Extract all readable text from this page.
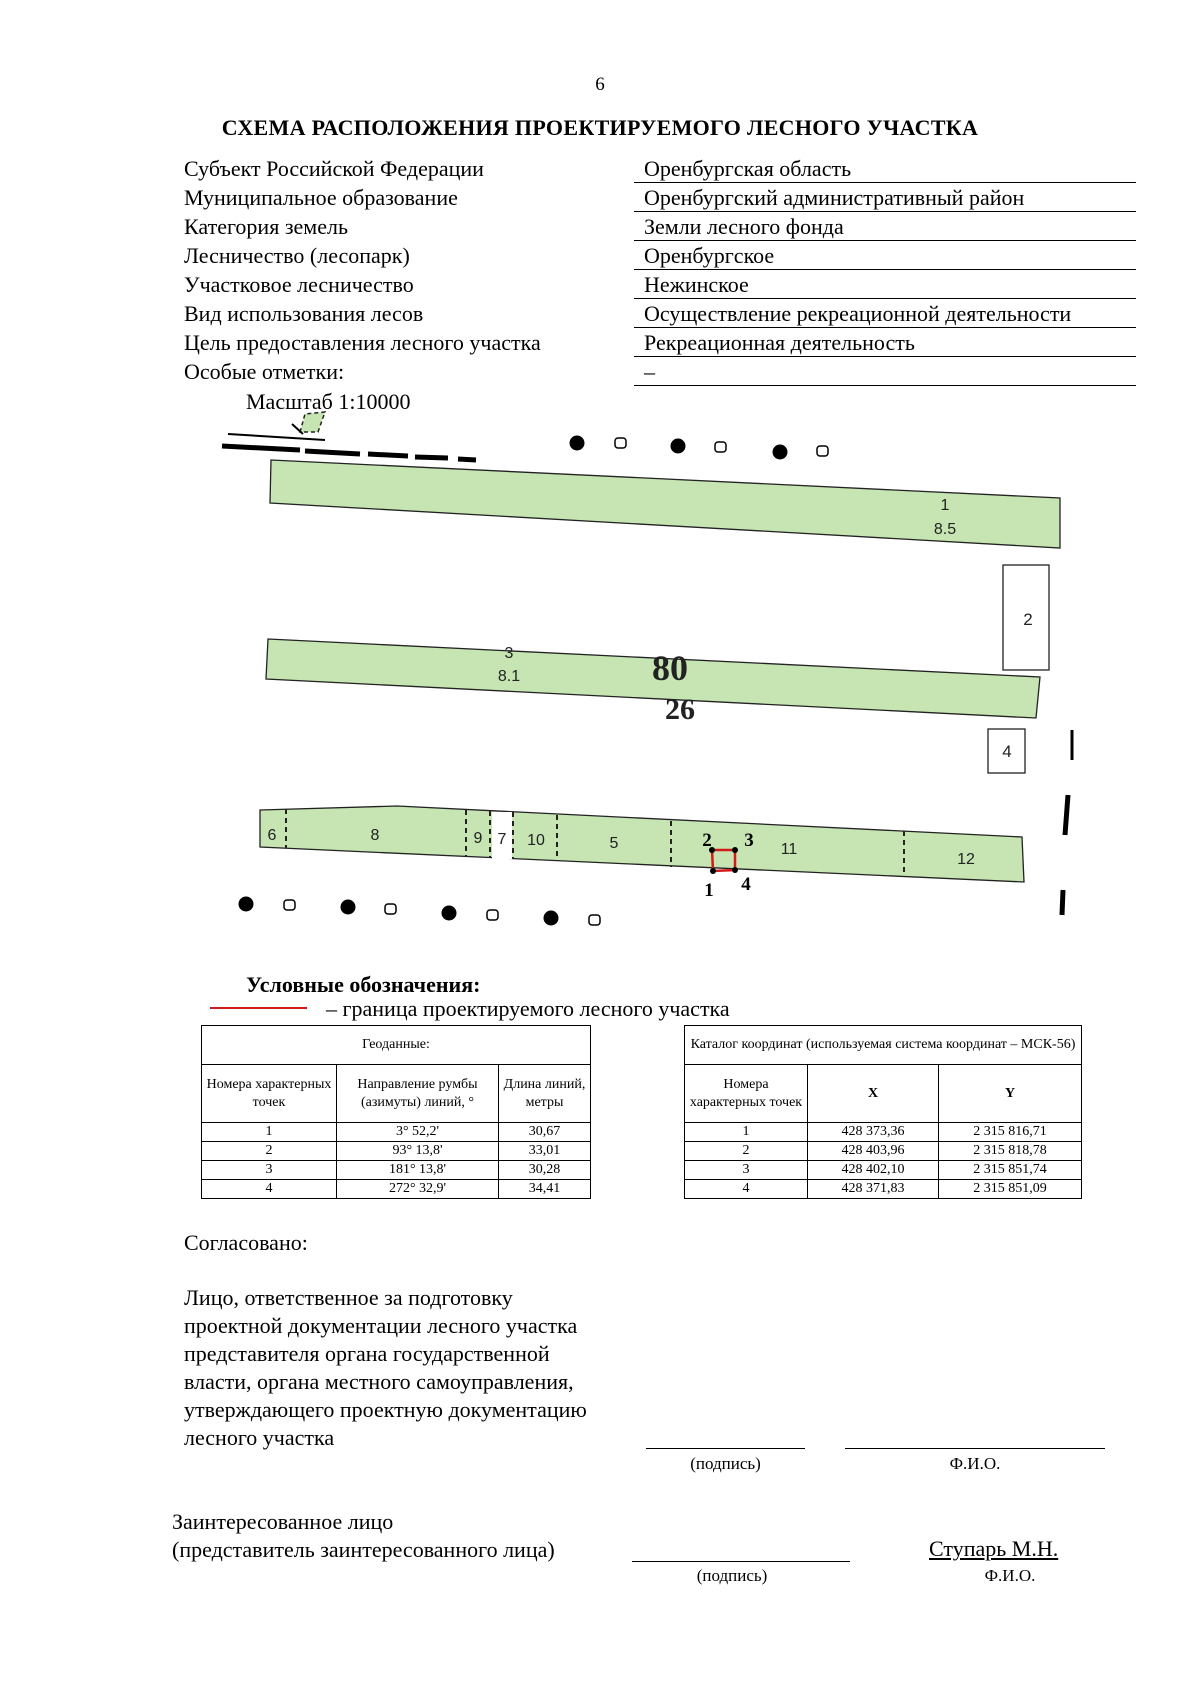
6
СХЕМА РАСПОЛОЖЕНИЯ ПРОЕКТИРУЕМОГО ЛЕСНОГО УЧАСТКА
Субъект Российской Федерации	Оренбургская область
Муниципальное образование	Оренбургский административный район
Категория земель	Земли лесного фонда
Лесничество (лесопарк)	Оренбургское
Участковое лесничество	Нежинское
Вид использования лесов	Осуществление рекреационной деятельности
Цель предоставления лесного участка	Рекреационная деятельность
Особые отметки:	–
Масштаб 1:10000
1
8.5
2
3
8.1
4
80
26
6	8	9 7 10	5	11
12
2 3
1 4
Условные обозначения:
– граница проектируемого лесного участка
Геоданные:		
Номера характерных точек	Направление румбы (азимуты) линий, °	Длина линий, метры
1	3° 52,2'	30,67
2	93° 13,8'	33,01
3	181° 13,8'	30,28
4	272° 32,9'	34,41
Каталог координат (используемая система координат – МСК-56)		
Номера характерных точек	X	Y
1	428 373,36	2 315 816,71
2	428 403,96	2 315 818,78
3	428 402,10	2 315 851,74
4	428 371,83	2 315 851,09
Согласовано:
Лицо, ответственное за подготовку
проектной документации лесного участка
представителя органа государственной
власти, органа местного самоуправления,
утверждающего проектную документацию
лесного участка
(подпись)	Ф.И.О.
Заинтересованное лицо
(представитель заинтересованного лица)
(подпись)
Ступарь М.Н.
Ф.И.О.
